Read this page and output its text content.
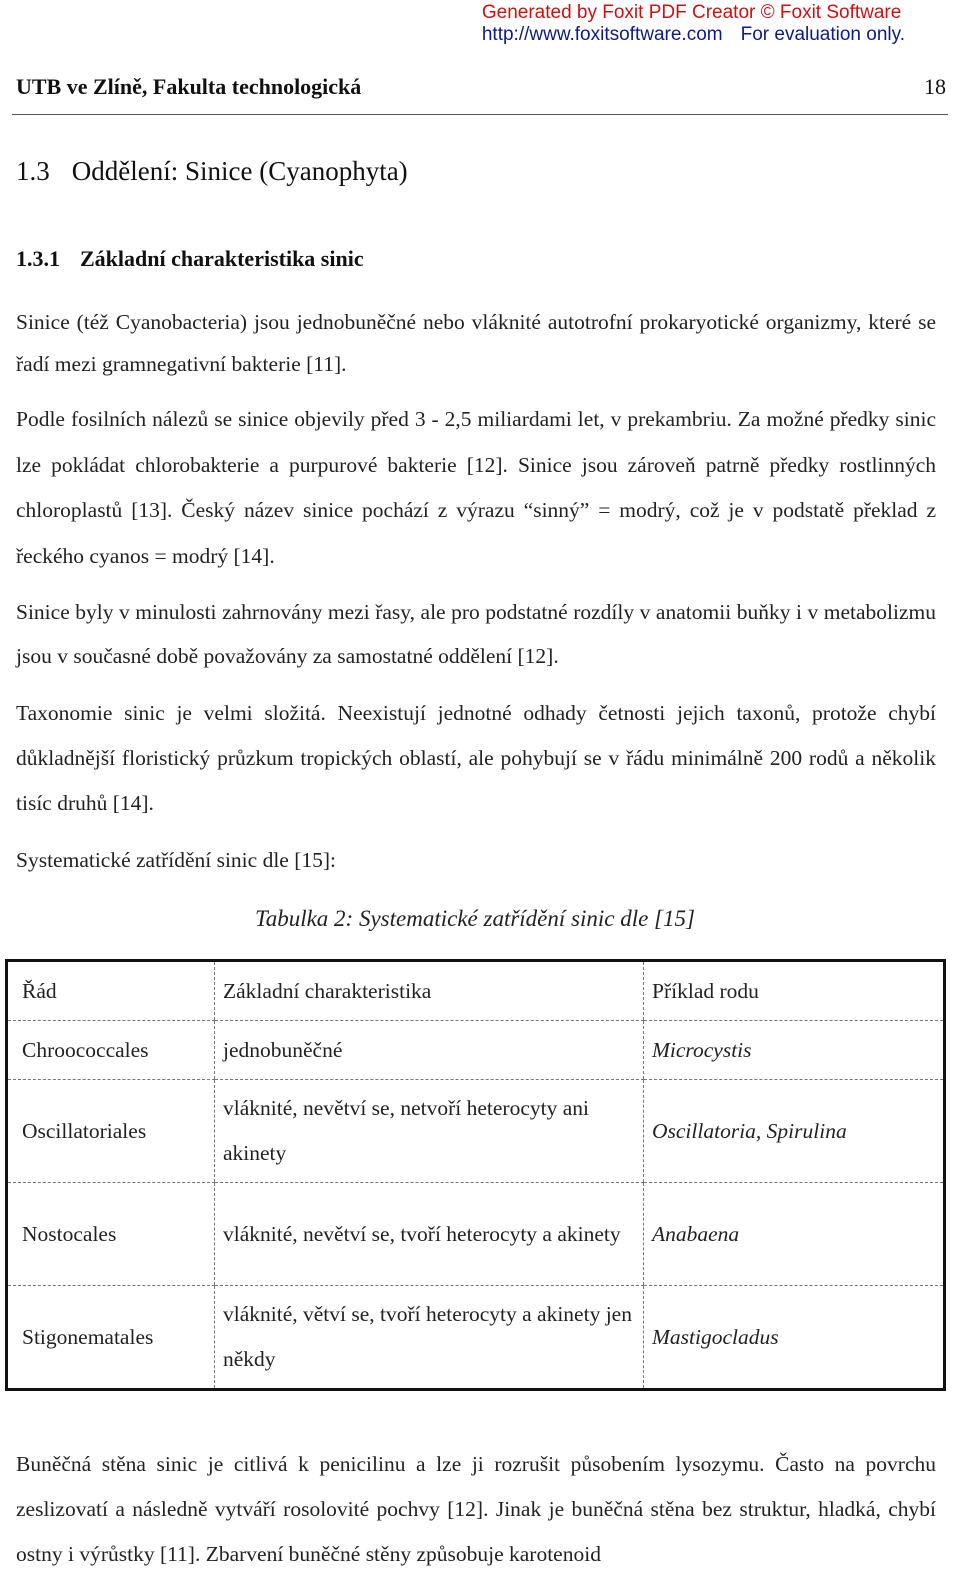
Generated by Foxit PDF Creator © Foxit Software
http://www.foxitsoftware.com For evaluation only.
UTB ve Zlíně, Fakulta technologická	18
1.3 Oddělení: Sinice (Cyanophyta)
1.3.1 Základní charakteristika sinic
Sinice (též Cyanobacteria) jsou jednobuněčné nebo vláknité autotrofní prokaryotické organizmy, které se řadí mezi gramnegativní bakterie [11].
Podle fosilních nálezů se sinice objevily před 3 - 2,5 miliardami let, v prekambriu. Za možné předky sinic lze pokládat chlorobakterie a purpurové bakterie [12]. Sinice jsou zároveň patrně předky rostlinných chloroplastů [13]. Český název sinice pochází z výrazu “sinný” = modrý, což je v podstatě překlad z řeckého cyanos = modrý [14].
Sinice byly v minulosti zahrnovány mezi řasy, ale pro podstatné rozdíly v anatomii buňky i v metabolizmu jsou v současné době považovány za samostatné oddělení [12].
Taxonomie sinic je velmi složitá. Neexistují jednotné odhady četnosti jejich taxonů, protože chybí důkladnější floristický průzkum tropických oblastí, ale pohybují se v řádu minimálně 200 rodů a několik tisíc druhů [14].
Systematické zatřídění sinic dle [15]:
Tabulka 2: Systematické zatřídění sinic dle [15]
Řád	Základní charakteristika	Příklad rodu
Chroococcales	jednobuněčné	Microcystis
Oscillatoriales	vláknité, nevětví se, netvoří heterocyty ani akinety	Oscillatoria, Spirulina
Nostocales	vláknité, nevětví se, tvoří heterocyty a akinety	Anabaena
Stigonematales	vláknité, větví se, tvoří heterocyty a akinety jen někdy	Mastigocladus
Buněčná stěna sinic je citlivá k penicilinu a lze ji rozrušit působením lysozymu. Často na povrchu zeslizovatí a následně vytváří rosolovité pochvy [12]. Jinak je buněčná stěna bez struktur, hladká, chybí ostny i výrůstky [11]. Zbarvení buněčné stěny způsobuje karotenoid
